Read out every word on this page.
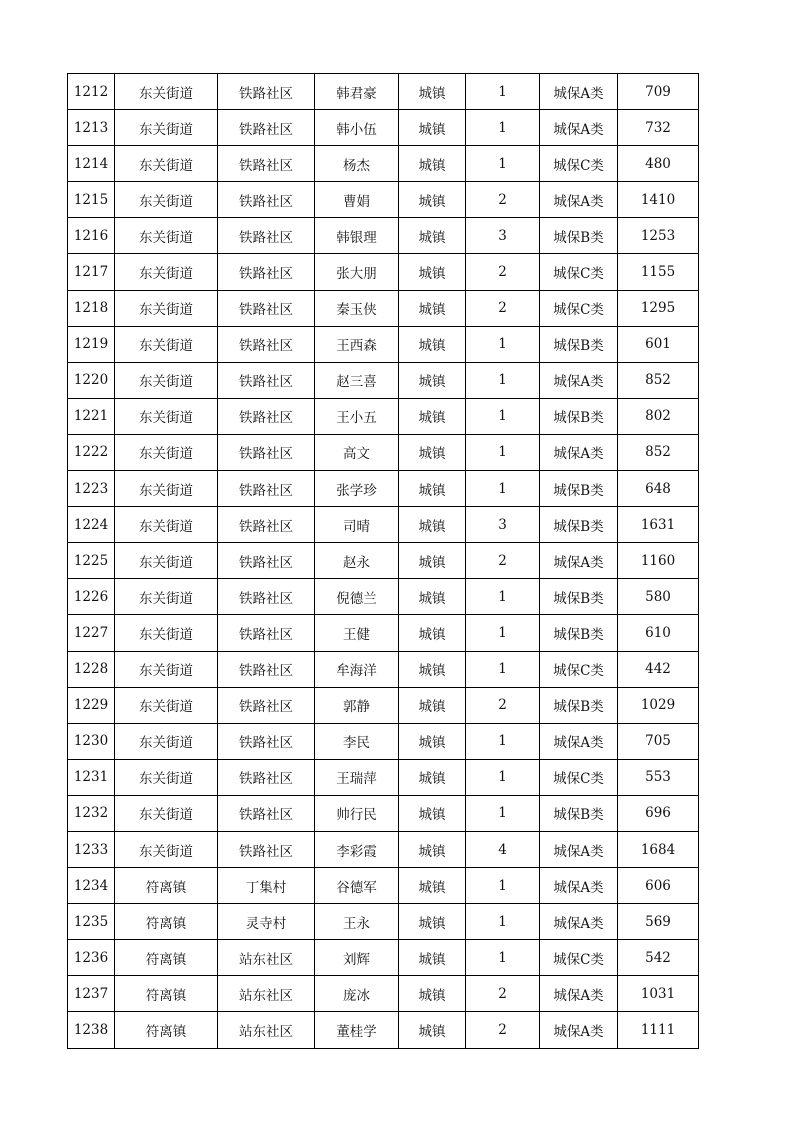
1212	东关街道	铁路社区	韩君豪	城镇	1	城保A类	709
1213	东关街道	铁路社区	韩小伍	城镇	1	城保A类	732
1214	东关街道	铁路社区	杨杰	城镇	1	城保C类	480
1215	东关街道	铁路社区	曹娟	城镇	2	城保A类	1410
1216	东关街道	铁路社区	韩银理	城镇	3	城保B类	1253
1217	东关街道	铁路社区	张大朋	城镇	2	城保C类	1155
1218	东关街道	铁路社区	秦玉侠	城镇	2	城保C类	1295
1219	东关街道	铁路社区	王西森	城镇	1	城保B类	601
1220	东关街道	铁路社区	赵三喜	城镇	1	城保A类	852
1221	东关街道	铁路社区	王小五	城镇	1	城保B类	802
1222	东关街道	铁路社区	高文	城镇	1	城保A类	852
1223	东关街道	铁路社区	张学珍	城镇	1	城保B类	648
1224	东关街道	铁路社区	司晴	城镇	3	城保B类	1631
1225	东关街道	铁路社区	赵永	城镇	2	城保A类	1160
1226	东关街道	铁路社区	倪德兰	城镇	1	城保B类	580
1227	东关街道	铁路社区	王健	城镇	1	城保B类	610
1228	东关街道	铁路社区	牟海洋	城镇	1	城保C类	442
1229	东关街道	铁路社区	郭静	城镇	2	城保B类	1029
1230	东关街道	铁路社区	李民	城镇	1	城保A类	705
1231	东关街道	铁路社区	王瑞萍	城镇	1	城保C类	553
1232	东关街道	铁路社区	帅行民	城镇	1	城保B类	696
1233	东关街道	铁路社区	李彩霞	城镇	4	城保A类	1684
1234	符离镇	丁集村	谷德军	城镇	1	城保A类	606
1235	符离镇	灵寺村	王永	城镇	1	城保A类	569
1236	符离镇	站东社区	刘辉	城镇	1	城保C类	542
1237	符离镇	站东社区	庞冰	城镇	2	城保A类	1031
1238	符离镇	站东社区	董桂学	城镇	2	城保A类	1111
